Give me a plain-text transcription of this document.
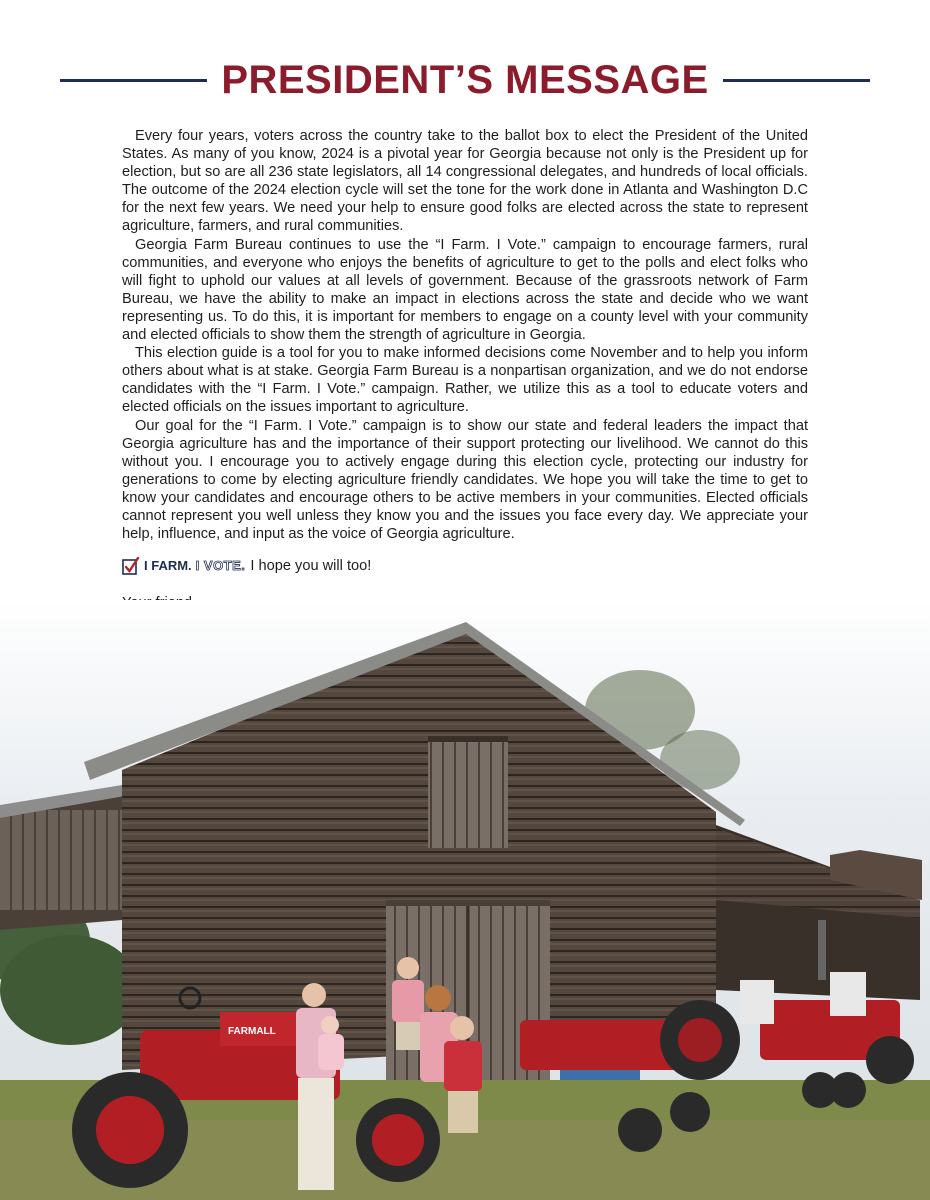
PRESIDENT’S MESSAGE

Every four years, voters across the country take to the ballot box to elect the President of the United States. As many of you know, 2024 is a pivotal year for Georgia because not only is the President up for election, but so are all 236 state legislators, all 14 congressional delegates, and hundreds of local officials. The outcome of the 2024 election cycle will set the tone for the work done in Atlanta and Washington D.C for the next few years. We need your help to ensure good folks are elected across the state to represent agriculture, farmers, and rural communities.

Georgia Farm Bureau continues to use the “I Farm. I Vote.” campaign to encourage farmers, rural communities, and everyone who enjoys the benefits of agriculture to get to the polls and elect folks who will fight to uphold our values at all levels of government. Because of the grassroots network of Farm Bureau, we have the ability to make an impact in elections across the state and decide who we want representing us. To do this, it is important for members to engage on a county level with your community and elected officials to show them the strength of agriculture in Georgia.

This election guide is a tool for you to make informed decisions come November and to help you inform others about what is at stake. Georgia Farm Bureau is a nonpartisan organization, and we do not endorse candidates with the “I Farm. I Vote.” campaign. Rather, we utilize this as a tool to educate voters and elected officials on the issues important to agriculture.

Our goal for the “I Farm. I Vote.” campaign is to show our state and federal leaders the impact that Georgia agriculture has and the importance of their support protecting our livelihood. We cannot do this without you. I encourage you to actively engage during this election cycle, protecting our industry for generations to come by electing agriculture friendly candidates. We hope you will take the time to get to know your candidates and encourage others to be active members in your communities. Elected officials cannot represent you well unless they know you and the issues you face every day. We appreciate your help, influence, and input as the voice of Georgia agriculture.

I FARM. I VOTE. I hope you will too!
FARMALL
